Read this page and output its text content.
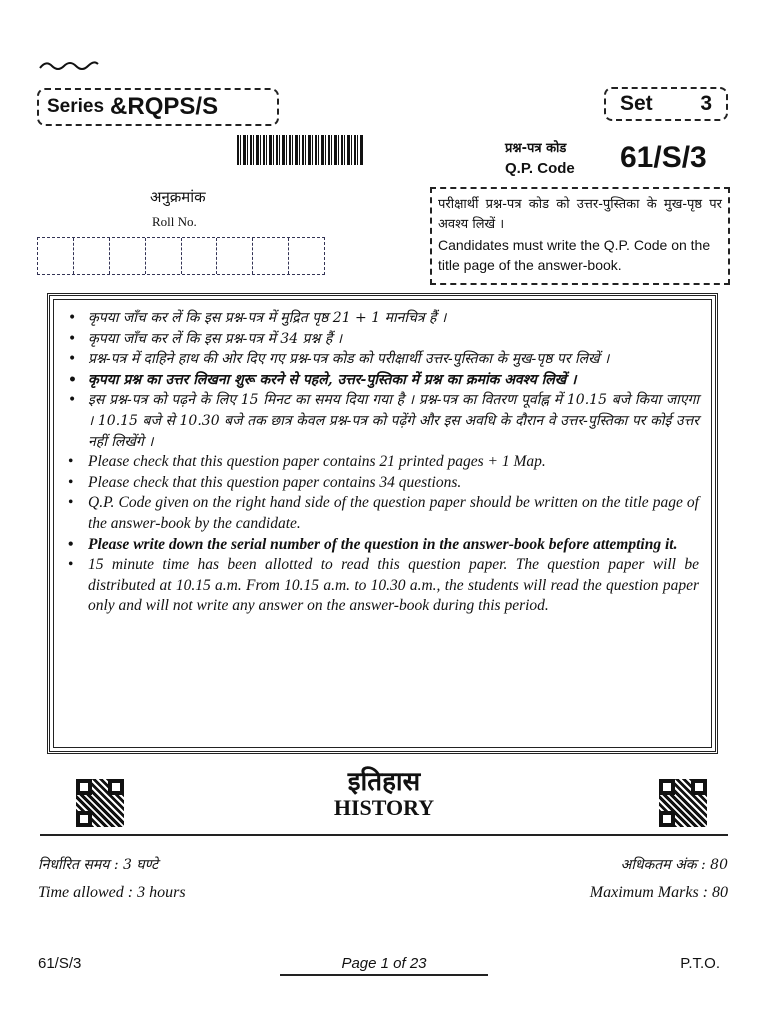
Series &RQPS/S	Set 3
प्रश्न-पत्र कोड
Q.P. Code 61/S/3
अनुक्रमांक
Roll No.
परीक्षार्थी प्रश्न-पत्र कोड को उत्तर-पुस्तिका के मुख-पृष्ठ पर अवश्य लिखें ।
Candidates must write the Q.P. Code on the title page of the answer-book.
• कृपया जाँच कर लें कि इस प्रश्न-पत्र में मुद्रित पृष्ठ 21 + 1 मानचित्र हैं ।
• कृपया जाँच कर लें कि इस प्रश्न-पत्र में 34 प्रश्न हैं ।
• प्रश्न-पत्र में दाहिने हाथ की ओर दिए गए प्रश्न-पत्र कोड को परीक्षार्थी उत्तर-पुस्तिका के मुख-पृष्ठ पर लिखें ।
• कृपया प्रश्न का उत्तर लिखना शुरू करने से पहले, उत्तर-पुस्तिका में प्रश्न का क्रमांक अवश्य लिखें ।
• इस प्रश्न-पत्र को पढ़ने के लिए 15 मिनट का समय दिया गया है । प्रश्न-पत्र का वितरण पूर्वाह्न में 10.15 बजे किया जाएगा । 10.15 बजे से 10.30 बजे तक छात्र केवल प्रश्न-पत्र को पढ़ेंगे और इस अवधि के दौरान वे उत्तर-पुस्तिका पर कोई उत्तर नहीं लिखेंगे ।
• Please check that this question paper contains 21 printed pages + 1 Map.
• Please check that this question paper contains 34 questions.
• Q.P. Code given on the right hand side of the question paper should be written on the title page of the answer-book by the candidate.
• Please write down the serial number of the question in the answer-book before attempting it.
• 15 minute time has been allotted to read this question paper. The question paper will be distributed at 10.15 a.m. From 10.15 a.m. to 10.30 a.m., the students will read the question paper only and will not write any answer on the answer-book during this period.
इतिहास
HISTORY
निर्धारित समय : 3 घण्टे
Time allowed : 3 hours
अधिकतम अंक : 80
Maximum Marks : 80
61/S/3	Page 1 of 23	P.T.O.
